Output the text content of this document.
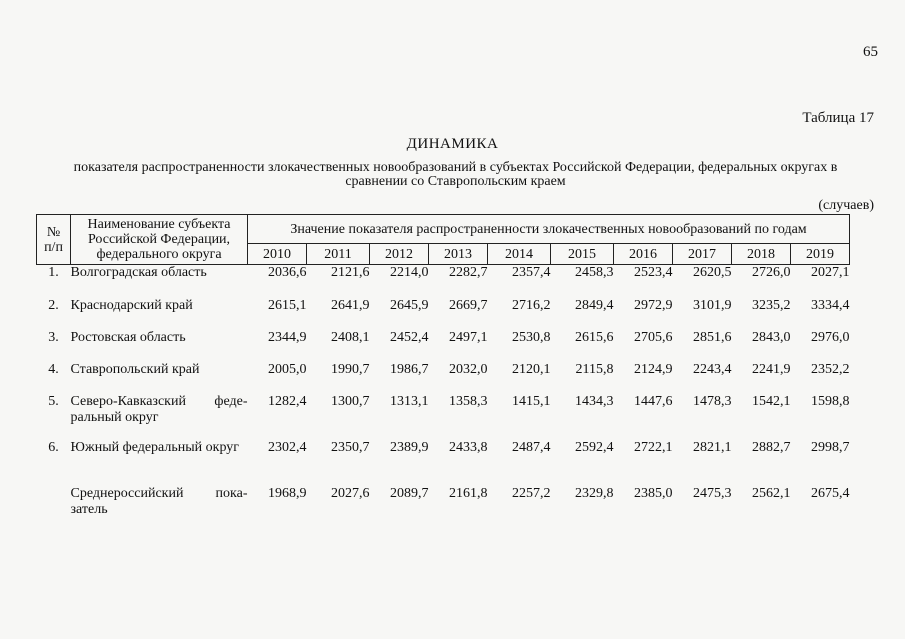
65
Таблица 17
ДИНАМИКА
показателя распространенности злокачественных новообразований в субъектах Российской Федерации, федеральных округах в
сравнении со Ставропольским краем
(случаев)
№
п/п	Наименование субъекта Российской Федерации, федерального округа	Значение показателя распространенности злокачественных новообразований по годам									
		2010	2011	2012	2013	2014	2015	2016	2017	2018	2019
1.	Волгоградская область	2036,6	2121,6	2214,0	2282,7	2357,4	2458,3	2523,4	2620,5	2726,0	2027,1
2.	Краснодарский край	2615,1	2641,9	2645,9	2669,7	2716,2	2849,4	2972,9	3101,9	3235,2	3334,4
3.	Ростовская область	2344,9	2408,1	2452,4	2497,1	2530,8	2615,6	2705,6	2851,6	2843,0	2976,0
4.	Ставропольский край	2005,0	1990,7	1986,7	2032,0	2120,1	2115,8	2124,9	2243,4	2241,9	2352,2
5.	Северо-Кавказский феде-ральный округ	1282,4	1300,7	1313,1	1358,3	1415,1	1434,3	1447,6	1478,3	1542,1	1598,8
6.	Южный федеральный округ	2302,4	2350,7	2389,9	2433,8	2487,4	2592,4	2722,1	2821,1	2882,7	2998,7
	Среднероссийский пока-затель	1968,9	2027,6	2089,7	2161,8	2257,2	2329,8	2385,0	2475,3	2562,1	2675,4
